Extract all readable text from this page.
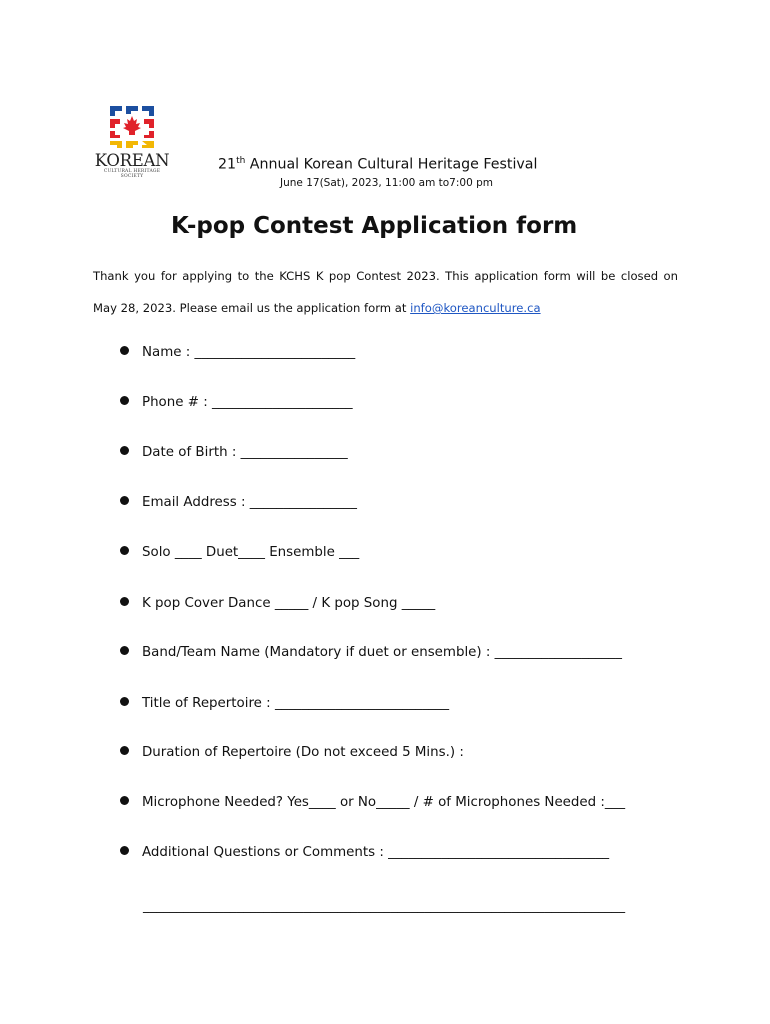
KOREAN
CULTURAL HERITAGE SOCIETY
21th Annual Korean Cultural Heritage Festival
June 17(Sat), 2023, 11:00 am to7:00 pm
K-pop Contest Application form
Thank you for applying to the KCHS K pop Contest 2023. This application form will be closed on
May 28, 2023. Please email us the application form at info@koreanculture.ca
Name : ________________________
Phone # : _____________________
Date of Birth : ________________
Email Address : ________________
Solo ____ Duet____ Ensemble ___
K pop Cover Dance _____ / K pop Song _____
Band/Team Name (Mandatory if duet or ensemble) : ___________________
Title of Repertoire : __________________________
Duration of Repertoire (Do not exceed 5 Mins.) :
Microphone Needed? Yes____ or No_____ / # of Microphones Needed :___
Additional Questions or Comments : _________________________________
________________________________________________________________________
